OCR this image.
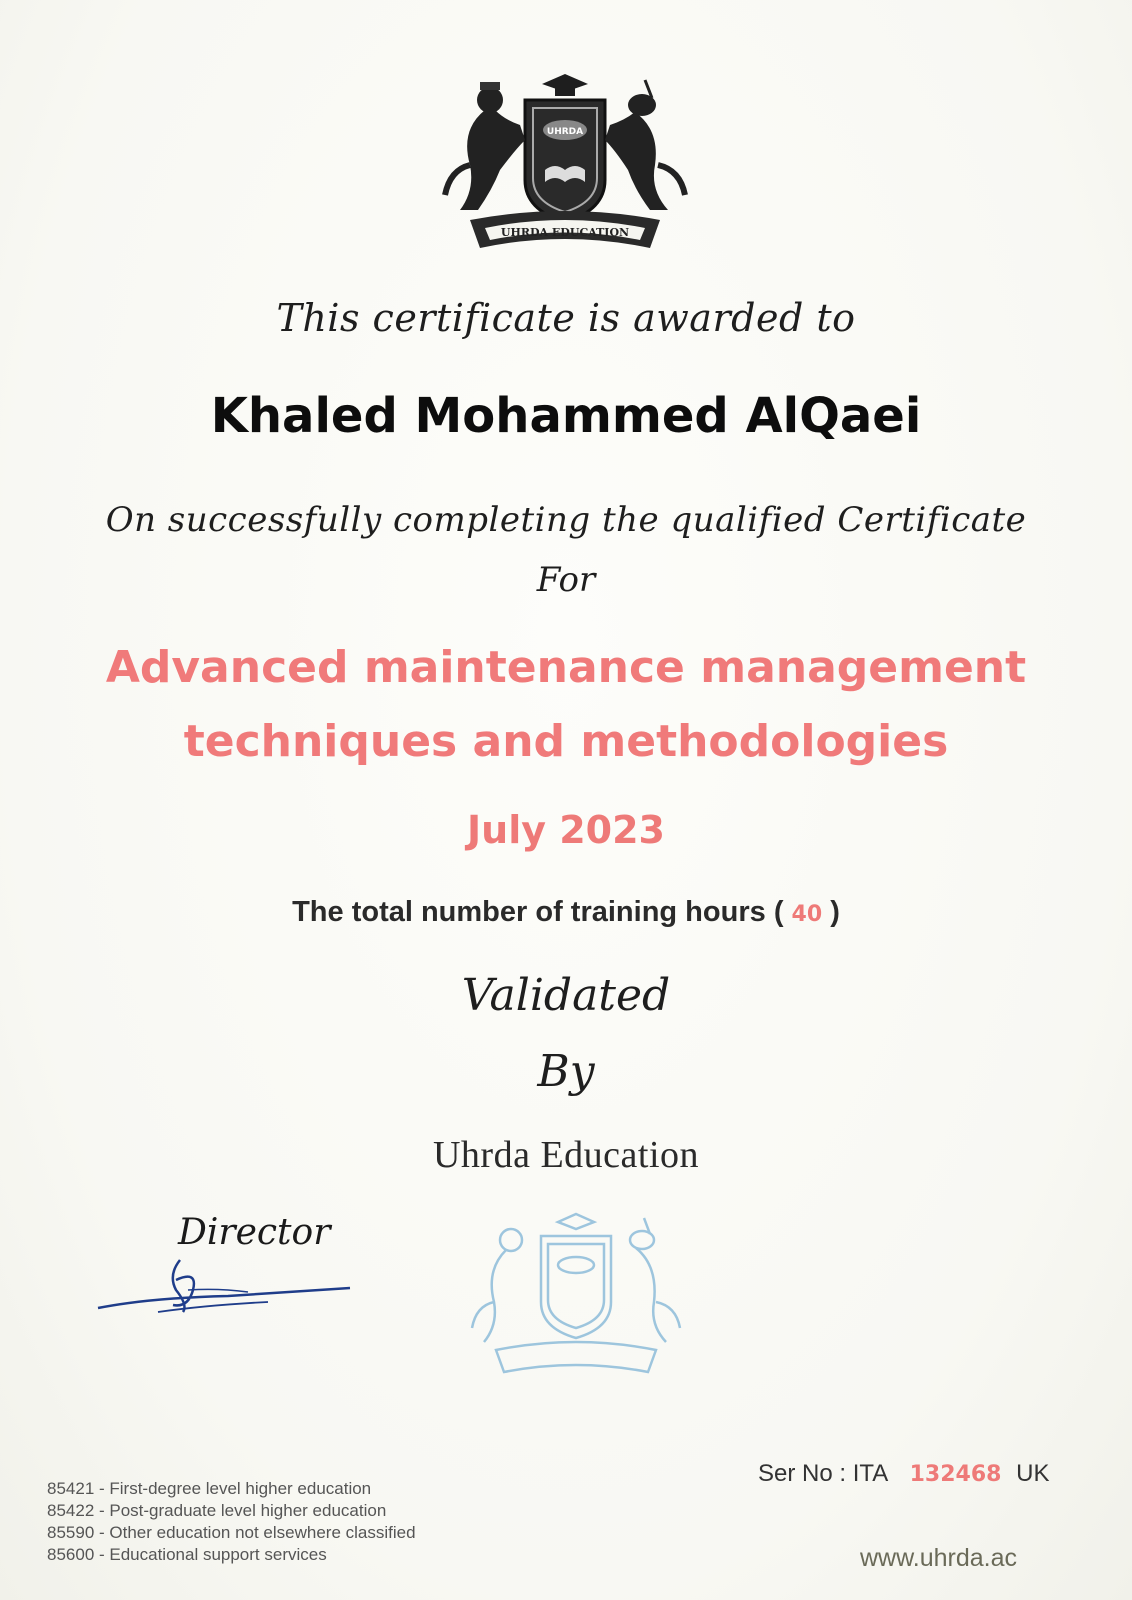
UHRDA
UHRDA EDUCATION
This certificate is awarded to
Khaled Mohammed AlQaei
On successfully completing the qualified Certificate
For
Advanced maintenance management
techniques and methodologies
July 2023
The total number of training hours ( 40 )
Validated
By
Uhrda Education
Director
Ser No : ITA 132468 UK
85421 - First-degree level higher education
85422 - Post-graduate level higher education
85590 - Other education not elsewhere classified
85600 - Educational support services	www.uhrda.ac
